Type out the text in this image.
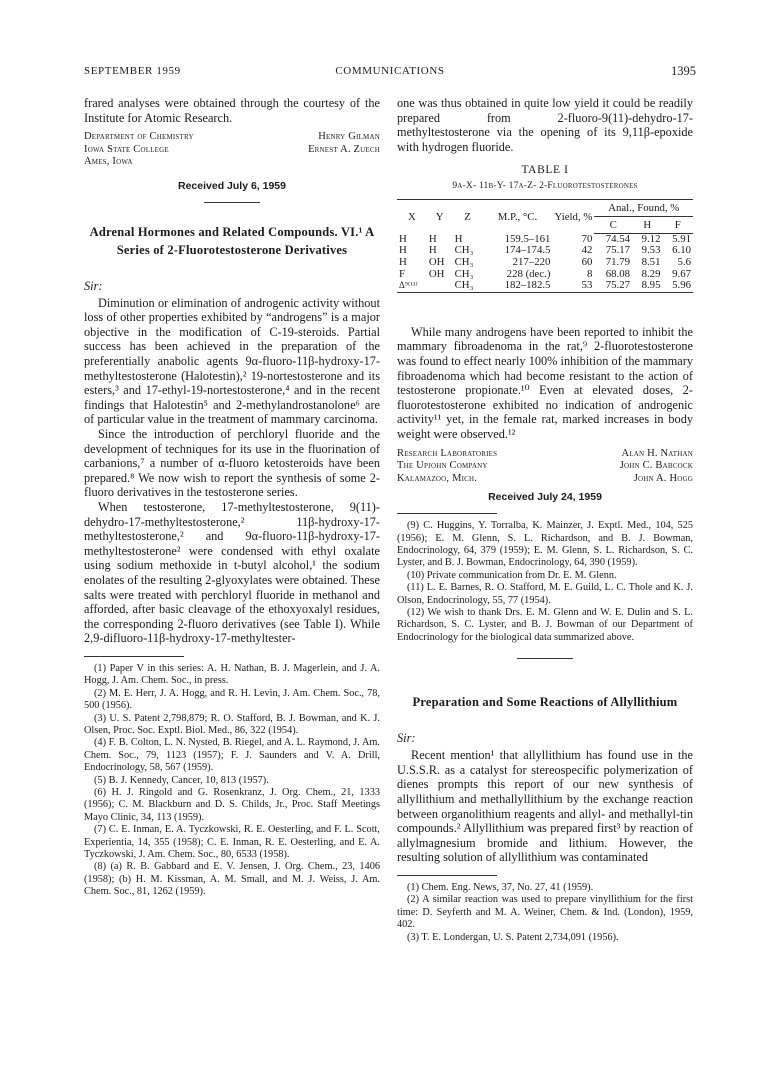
SEPTEMBER 1959	COMMUNICATIONS	1395

frared analyses were obtained through the courtesy of the Institute for Atomic Research.

Department of Chemistry
Iowa State College
Ames, Iowa
Henry Gilman
Ernest A. Zuech
Received July 6, 1959
Adrenal Hormones and Related Compounds. VI.¹ A Series of 2-Fluorotestosterone Derivatives
Sir:

Diminution or elimination of androgenic activity without loss of other properties exhibited by “androgens” is a major objective in the modification of C-19-steroids. Partial success has been achieved in the preparation of the preferentially anabolic agents 9α-fluoro-11β-hydroxy-17-methyltestosterone (Halotestin),² 19-nortestosterone and its esters,³ and 17-ethyl-19-nortestosterone,⁴ and in the recent findings that Halotestin⁵ and 2-methylandrostanolone⁶ are of particular value in the treatment of mammary carcinoma.

Since the introduction of perchloryl fluoride and the development of techniques for its use in the fluorination of carbanions,⁷ a number of α-fluoro ketosteroids have been prepared.⁸ We now wish to report the synthesis of some 2-fluoro derivatives in the testosterone series.

When testosterone, 17-methyltestosterone, 9(11)-dehydro-17-methyltestosterone,² 11β-hydroxy-17-methyltestosterone,² and 9α-fluoro-11β-hydroxy-17-methyltestosterone² were condensed with ethyl oxalate using sodium methoxide in t-butyl alcohol,¹ the sodium enolates of the resulting 2-glyoxylates were obtained. These salts were treated with perchloryl fluoride in methanol and afforded, after basic cleavage of the ethoxyoxalyl residues, the corresponding 2-fluoro derivatives (see Table I). While 2,9-difluoro-11β-hydroxy-17-methyltester-

(1) Paper V in this series: A. H. Nathan, B. J. Magerlein, and J. A. Hogg, J. Am. Chem. Soc., in press.

(2) M. E. Herr, J. A. Hogg, and R. H. Levin, J. Am. Chem. Soc., 78, 500 (1956).

(3) U. S. Patent 2,798,879; R. O. Stafford, B. J. Bowman, and K. J. Olsen, Proc. Soc. Exptl. Biol. Med., 86, 322 (1954).

(4) F. B. Colton, L. N. Nysted, B. Riegel, and A. L. Raymond, J. Am. Chem. Soc., 79, 1123 (1957); F. J. Saunders and V. A. Drill, Endocrinology, 58, 567 (1959).

(5) B. J. Kennedy, Cancer, 10, 813 (1957).

(6) H. J. Ringold and G. Rosenkranz, J. Org. Chem., 21, 1333 (1956); C. M. Blackburn and D. S. Childs, Jr., Proc. Staff Meetings Mayo Clinic, 34, 113 (1959).

(7) C. E. Inman, E. A. Tyczkowski, R. E. Oesterling, and F. L. Scott, Experientia, 14, 355 (1958); C. E. Inman, R. E. Oesterling, and E. A. Tyczkowski, J. Am. Chem. Soc., 80, 6533 (1958).

(8) (a) R. B. Gabbard and E. V. Jensen, J. Org. Chem., 23, 1406 (1958); (b) H. M. Kissman, A. M. Small, and M. J. Weiss, J. Am. Chem. Soc., 81, 1262 (1959).

one was thus obtained in quite low yield it could be readily prepared from 2-fluoro-9(11)-dehydro-17-methyltestosterone via the opening of its 9,11β-epoxide with hydrogen fluoride.

TABLE I
9α-X- 11β-Y- 17α-Z- 2-Fluorotestosterones
X	Y	Z	M.P., °C.	Yield, %	Anal., Found, %		
					C	H	F
H	H	H	159.5–161	70	74.54	9.12	5.91
H	H	CH₃	174–174.5	42	75.17	9.53	6.10
H	OH	CH₃	217–220	60	71.79	8.51	5.6
F	OH	CH₃	228 (dec.)	8	68.08	8.29	9.67
Δ⁹⁽¹¹⁾		CH₃	182–182.5	53	75.27	8.95	5.96

While many androgens have been reported to inhibit the mammary fibroadenoma in the rat,⁹ 2-fluorotestosterone was found to effect nearly 100% inhibition of the mammary fibroadenoma which had become resistant to the action of testosterone propionate.¹⁰ Even at elevated doses, 2-fluorotestosterone exhibited no indication of androgenic activity¹¹ yet, in the female rat, marked increases in body weight were observed.¹²

Research Laboratories
The Upjohn Company
Kalamazoo, Mich.
Alan H. Nathan
John C. Babcock
John A. Hogg
Received July 24, 1959

(9) C. Huggins, Y. Torralba, K. Mainzer, J. Exptl. Med., 104, 525 (1956); E. M. Glenn, S. L. Richardson, and B. J. Bowman, Endocrinology, 64, 379 (1959); E. M. Glenn, S. L. Richardson, S. C. Lyster, and B. J. Bowman, Endocrinology, 64, 390 (1959).

(10) Private communication from Dr. E. M. Glenn.

(11) L. E. Barnes, R. O. Stafford, M. E. Guild, L. C. Thole and K. J. Olson, Endocrinology, 55, 77 (1954).

(12) We wish to thank Drs. E. M. Glenn and W. E. Dulin and S. L. Richardson, S. C. Lyster, and B. J. Bowman of our Department of Endocrinology for the biological data summarized above.

Preparation and Some Reactions of Allyllithium
Sir:

Recent mention¹ that allyllithium has found use in the U.S.S.R. as a catalyst for stereospecific polymerization of dienes prompts this report of our new synthesis of allyllithium and methallyllithium by the exchange reaction between organolithium reagents and allyl- and methallyl-tin compounds.² Allyllithium was prepared first³ by reaction of allylmagnesium bromide and lithium. However, the resulting solution of allyllithium was contaminated

(1) Chem. Eng. News, 37, No. 27, 41 (1959).

(2) A similar reaction was used to prepare vinyllithium for the first time: D. Seyferth and M. A. Weiner, Chem. & Ind. (London), 1959, 402.

(3) T. E. Londergan, U. S. Patent 2,734,091 (1956).
